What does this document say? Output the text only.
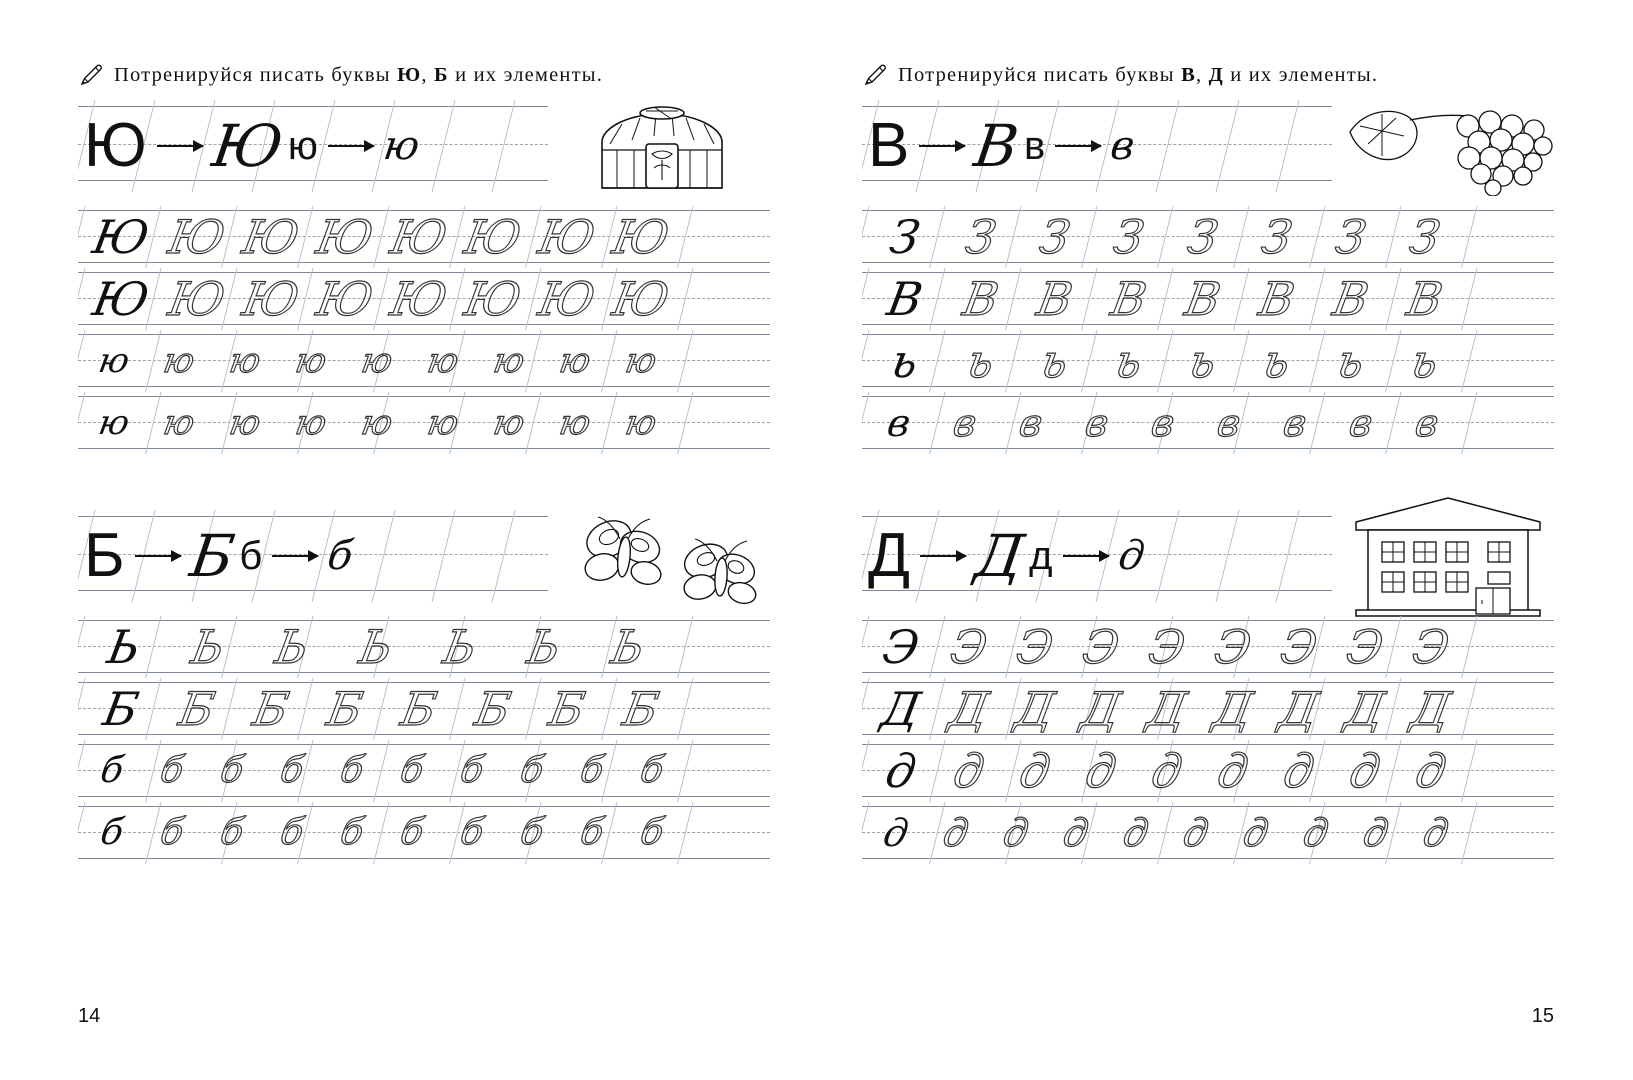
Потренируйся писать буквы Ю, Б и их элементы.
Ю Ю ю ю
Ю Ю Ю Ю Ю Ю Ю Ю
Ю Ю Ю Ю Ю Ю Ю Ю
ю ю ю ю ю ю ю ю ю
ю ю ю ю ю ю ю ю ю
Б Б б б
Ь Ь Ь Ь Ь Ь Ь
Б Б Б Б Б Б Б Б
б б б б б б б б б б
б б б б б б б б б б
14
Потренируйся писать буквы В, Д и их элементы.
В В в в
З З З З З З З З
В В В В В В В В
ь ь ь ь ь ь ь ь
в в в в в в в в в
Д Д д д
Э Э Э Э Э Э Э Э Э
Д Д Д Д Д Д Д Д Д
д д д д д д д д д
д д д д д д д д д д
15
